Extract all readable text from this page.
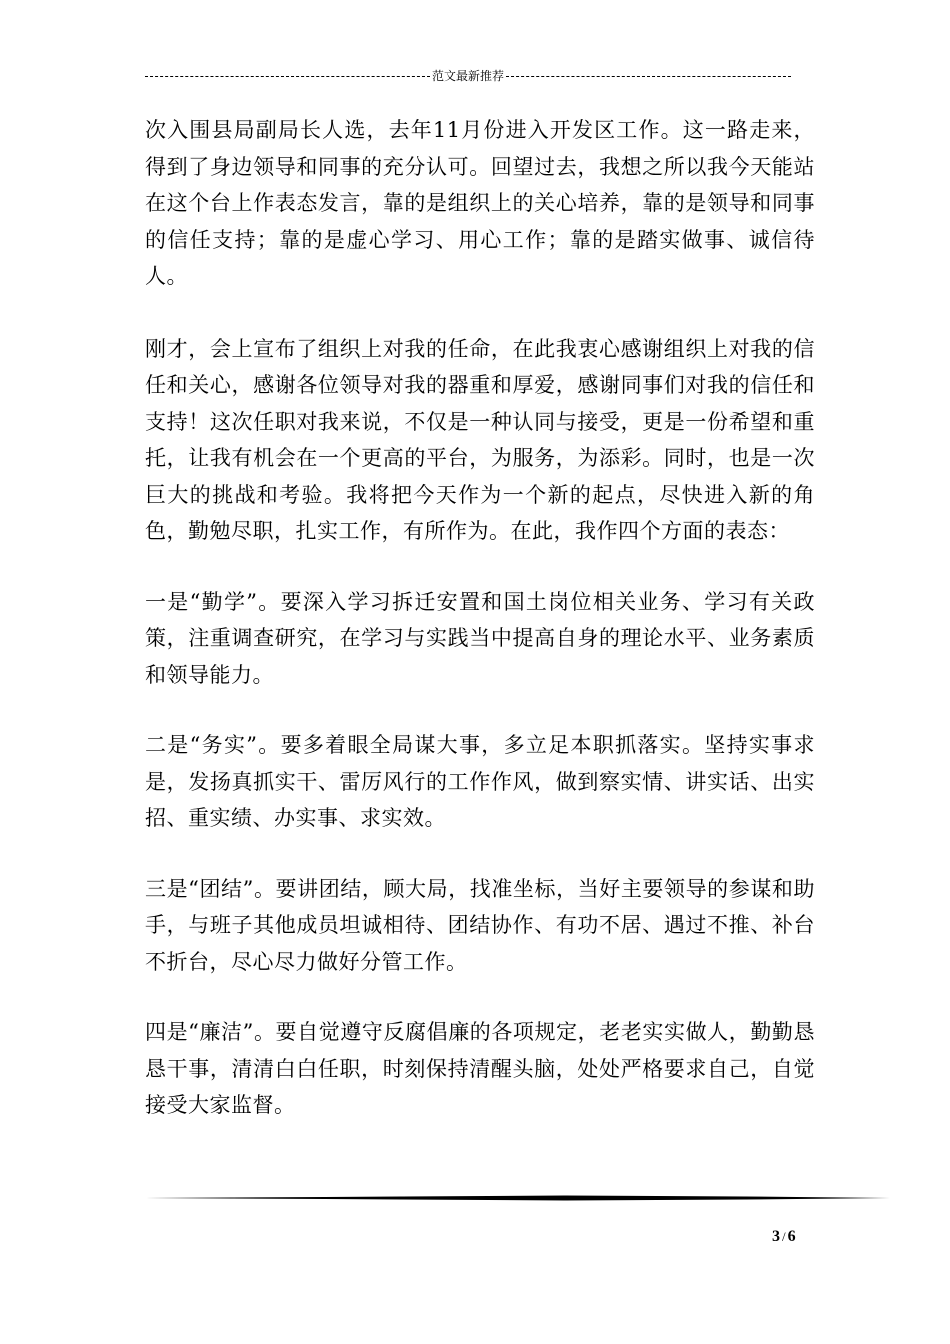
范文最新推荐

次入围县局副局长人选，去年11月份进入开发区工作。这一路走来，得到了身边领导和同事的充分认可。回望过去，我想之所以我今天能站在这个台上作表态发言，靠的是组织上的关心培养，靠的是领导和同事的信任支持；靠的是虚心学习、用心工作；靠的是踏实做事、诚信待人。

刚才，会上宣布了组织上对我的任命，在此我衷心感谢组织上对我的信任和关心，感谢各位领导对我的器重和厚爱，感谢同事们对我的信任和支持！这次任职对我来说，不仅是一种认同与接受，更是一份希望和重托，让我有机会在一个更高的平台，为服务，为添彩。同时，也是一次巨大的挑战和考验。我将把今天作为一个新的起点，尽快进入新的角色，勤勉尽职，扎实工作，有所作为。在此，我作四个方面的表态：

一是“勤学”。要深入学习拆迁安置和国土岗位相关业务、学习有关政策，注重调查研究，在学习与实践当中提高自身的理论水平、业务素质和领导能力。

二是“务实”。要多着眼全局谋大事，多立足本职抓落实。坚持实事求是，发扬真抓实干、雷厉风行的工作作风，做到察实情、讲实话、出实招、重实绩、办实事、求实效。

三是“团结”。要讲团结，顾大局，找准坐标，当好主要领导的参谋和助手，与班子其他成员坦诚相待、团结协作、有功不居、遇过不推、补台不折台，尽心尽力做好分管工作。

四是“廉洁”。要自觉遵守反腐倡廉的各项规定，老老实实做人，勤勤恳恳干事，清清白白任职，时刻保持清醒头脑，处处严格要求自己，自觉接受大家监督。

3 / 6
